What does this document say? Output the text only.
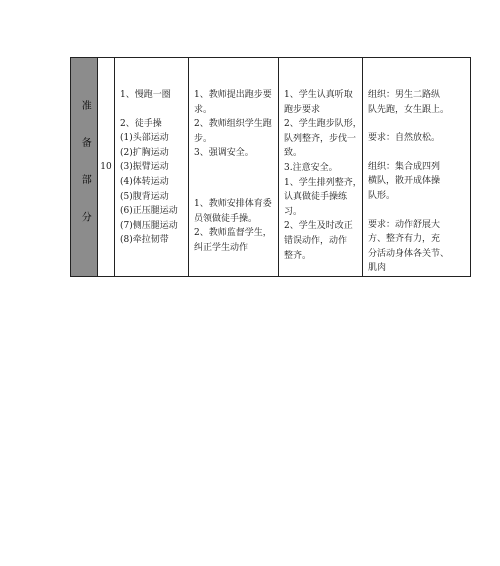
准 备 部 分	10	
1、慢跑一圈
2、徒手操
(1)头部运动
(2)扩胸运动
(3)振臂运动
(4)体转运动
(5)腹背运动
(6)正压腿运动
(7)侧压腿运动
(8)牵拉韧带

1、教师提出跑步要
求。
2、教师组织学生跑
步。
3、强调安全。
1、教师安排体育委
员领做徒手操。
2、教师监督学生，
纠正学生动作

1、学生认真听取
跑步要求
2、学生跑步队形，
队列整齐，步伐一
致。
3.注意安全。
1、学生排列整齐，
认真做徒手操练
习。
2、学生及时改正
错误动作，动作
整齐。

组织：男生二路纵
队先跑，女生跟上。
要求：自然放松。
组织：集合成四列
横队，散开成体操
队形。
要求：动作舒展大
方、整齐有力，充
分活动身体各关节、
肌肉
